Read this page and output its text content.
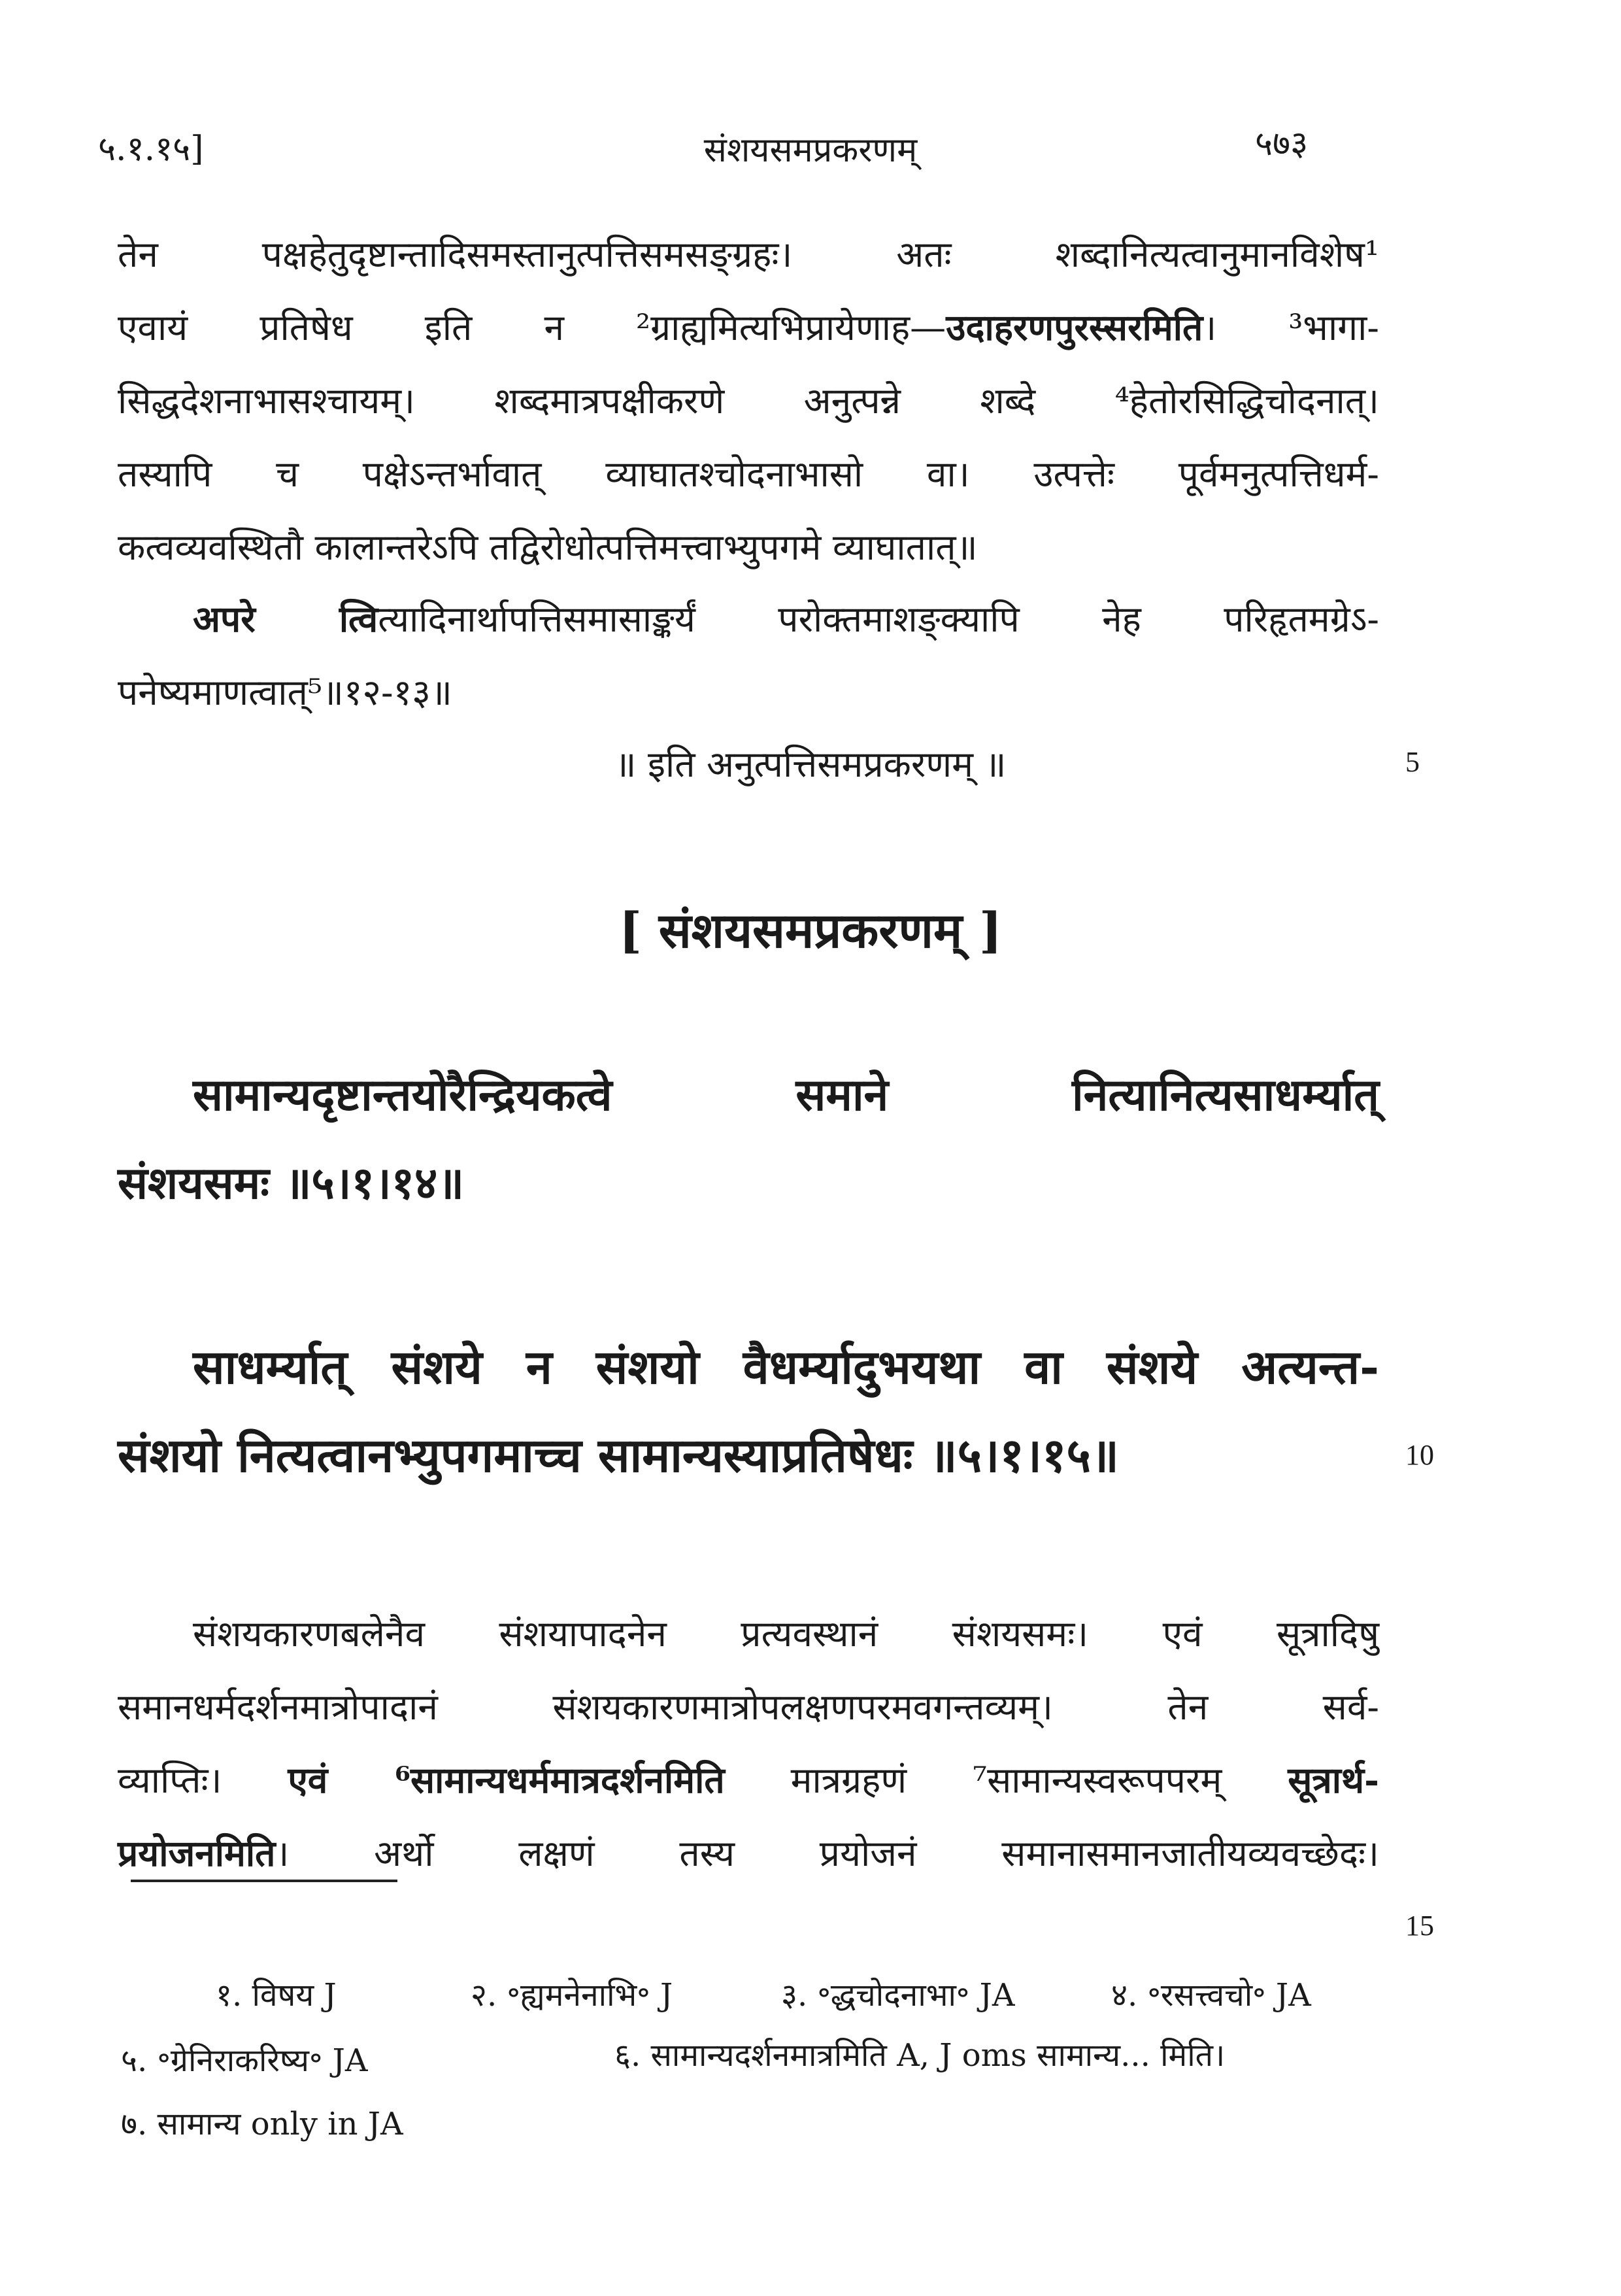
५.१.१५]	संशयसमप्रकरणम्	५७३
तेन पक्षहेतुदृष्टान्तादिसमस्तानुत्पत्तिसमसङ्ग्रहः। अतः शब्दानित्यत्वानुमानविशेष¹
एवायं प्रतिषेध इति न ²ग्राह्यमित्यभिप्रायेणाह—उदाहरणपुरस्सरमिति। ³भागा-
सिद्धदेशनाभासश्चायम्। शब्दमात्रपक्षीकरणे अनुत्पन्ने शब्दे ⁴हेतोरसिद्धिचोदनात्।
तस्यापि च पक्षेऽन्तर्भावात् व्याघातश्चोदनाभासो वा। उत्पत्तेः पूर्वमनुत्पत्तिधर्म-
कत्वव्यवस्थितौ कालान्तरेऽपि तद्विरोधोत्पत्तिमत्त्वाभ्युपगमे व्याघातात्॥
अपरे त्वित्यादिनार्थापत्तिसमासाङ्कर्यं परोक्तमाशङ्क्यापि नेह परिहृतमग्रेऽ-
पनेष्यमाणत्वात्⁵॥१२-१३॥
॥ इति अनुत्पत्तिसमप्रकरणम् ॥	5
[ संशयसमप्रकरणम् ]
सामान्यदृष्टान्तयोरैन्द्रियकत्वे समाने नित्यानित्यसाधर्म्यात्
संशयसमः ॥५।१।१४॥
साधर्म्यात् संशये न संशयो वैधर्म्यादुभयथा वा संशये अत्यन्त-
संशयो नित्यत्वानभ्युपगमाच्च सामान्यस्याप्रतिषेधः ॥५।१।१५॥	10
संशयकारणबलेनैव संशयापादनेन प्रत्यवस्थानं संशयसमः। एवं सूत्रादिषु
समानधर्मदर्शनमात्रोपादानं संशयकारणमात्रोपलक्षणपरमवगन्तव्यम्। तेन सर्व-
व्याप्तिः। एवं ⁶सामान्यधर्ममात्रदर्शनमिति मात्रग्रहणं ⁷सामान्यस्वरूपपरम् सूत्रार्थ-
प्रयोजनमिति। अर्थो लक्षणं तस्य प्रयोजनं समानासमानजातीयव्यवच्छेदः।
15
१. विषय J	२. ॰ह्यमनेनाभि॰ J	३. ॰द्धचोदनाभा॰ JA	४. ॰रसत्त्वचो॰ JA
५. ॰ग्रेनिराकरिष्य॰ JA	६. सामान्यदर्शनमात्रमिति A, J oms सामान्य... मिति।
७. सामान्य only in JA
